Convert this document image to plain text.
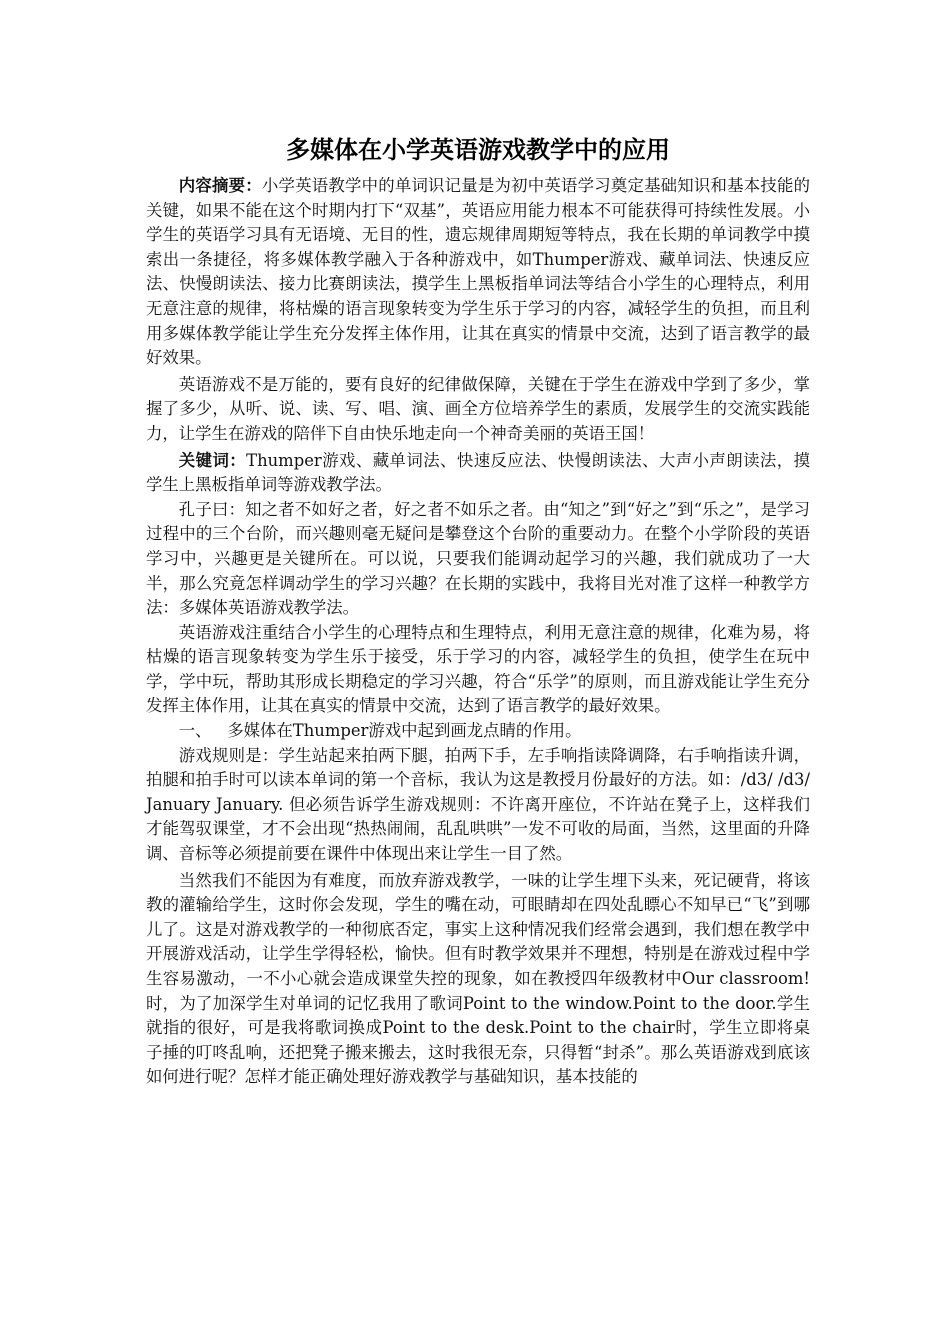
多媒体在小学英语游戏教学中的应用

内容摘要：小学英语教学中的单词识记量是为初中英语学习奠定基础知识和基本技能的关键，如果不能在这个时期内打下“双基”，英语应用能力根本不可能获得可持续性发展。小学生的英语学习具有无语境、无目的性，遗忘规律周期短等特点，我在长期的单词教学中摸索出一条捷径，将多媒体教学融入于各种游戏中，如Thumper游戏、藏单词法、快速反应法、快慢朗读法、接力比赛朗读法，摸学生上黑板指单词法等结合小学生的心理特点，利用无意注意的规律，将枯燥的语言现象转变为学生乐于学习的内容，减轻学生的负担，而且利用多媒体教学能让学生充分发挥主体作用，让其在真实的情景中交流，达到了语言教学的最好效果。

英语游戏不是万能的，要有良好的纪律做保障，关键在于学生在游戏中学到了多少，掌握了多少，从听、说、读、写、唱、演、画全方位培养学生的素质，发展学生的交流实践能力，让学生在游戏的陪伴下自由快乐地走向一个神奇美丽的英语王国！

关键词：Thumper游戏、藏单词法、快速反应法、快慢朗读法、大声小声朗读法，摸学生上黑板指单词等游戏教学法。

孔子曰：知之者不如好之者，好之者不如乐之者。由“知之”到“好之”到“乐之”，是学习过程中的三个台阶，而兴趣则毫无疑问是攀登这个台阶的重要动力。在整个小学阶段的英语学习中，兴趣更是关键所在。可以说，只要我们能调动起学习的兴趣，我们就成功了一大半，那么究竟怎样调动学生的学习兴趣？在长期的实践中，我将目光对准了这样一种教学方法：多媒体英语游戏教学法。

英语游戏注重结合小学生的心理特点和生理特点，利用无意注意的规律，化难为易，将枯燥的语言现象转变为学生乐于接受，乐于学习的内容，减轻学生的负担，使学生在玩中学，学中玩，帮助其形成长期稳定的学习兴趣，符合“乐学”的原则，而且游戏能让学生充分发挥主体作用，让其在真实的情景中交流，达到了语言教学的最好效果。

一、   多媒体在Thumper游戏中起到画龙点睛的作用。

游戏规则是：学生站起来拍两下腿，拍两下手，左手响指读降调降，右手响指读升调，拍腿和拍手时可以读本单词的第一个音标，我认为这是教授月份最好的方法。如：/d3/ /d3/ January January. 但必须告诉学生游戏规则：不许离开座位，不许站在凳子上，这样我们才能驾驭课堂，才不会出现“热热闹闹，乱乱哄哄”一发不可收的局面，当然，这里面的升降调、音标等必须提前要在课件中体现出来让学生一目了然。

当然我们不能因为有难度，而放弃游戏教学，一味的让学生埋下头来，死记硬背，将该教的灌输给学生，这时你会发现，学生的嘴在动，可眼睛却在四处乱瞟心不知早已“飞”到哪儿了。这是对游戏教学的一种彻底否定，事实上这种情况我们经常会遇到，我们想在教学中开展游戏活动，让学生学得轻松，愉快。但有时教学效果并不理想，特别是在游戏过程中学生容易激动，一不小心就会造成课堂失控的现象，如在教授四年级教材中Our classroom!时，为了加深学生对单词的记忆我用了歌词Point to the window.Point to the door.学生就指的很好，可是我将歌词换成Point to the desk.Point to the chair时，学生立即将桌子捶的叮咚乱响，还把凳子搬来搬去，这时我很无奈，只得暂“封杀”。那么英语游戏到底该如何进行呢？怎样才能正确处理好游戏教学与基础知识，基本技能的
